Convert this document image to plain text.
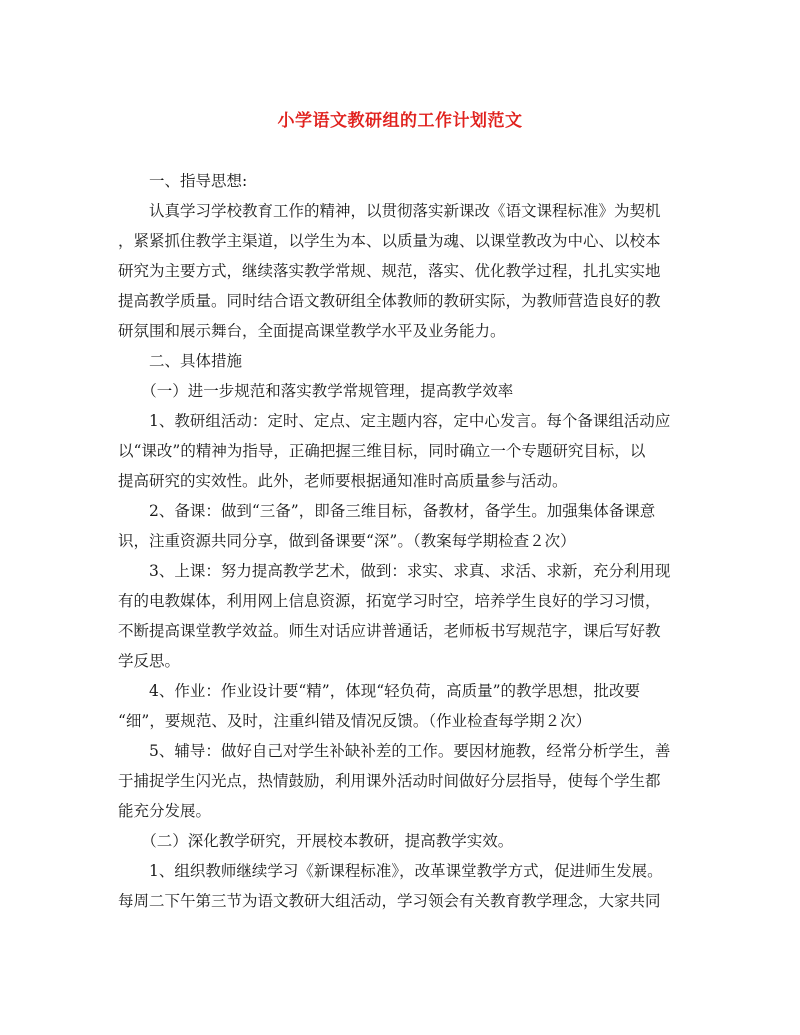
小学语文教研组的工作计划范文
　　一、指导思想:
　　认真学习学校教育工作的精神，以贯彻落实新课改《语文课程标准》为契机
，紧紧抓住教学主渠道，以学生为本、以质量为魂、以课堂教改为中心、以校本
研究为主要方式，继续落实教学常规、规范，落实、优化教学过程，扎扎实实地
提高教学质量。同时结合语文教研组全体教师的教研实际，为教师营造良好的教
研氛围和展示舞台，全面提高课堂教学水平及业务能力。
　　二、具体措施
　　（一）进一步规范和落实教学常规管理，提高教学效率
　　1、教研组活动：定时、定点、定主题内容，定中心发言。每个备课组活动应
以“课改”的精神为指导，正确把握三维目标，同时确立一个专题研究目标，以
提高研究的实效性。此外，老师要根据通知准时高质量参与活动。
　　2、备课：做到“三备”，即备三维目标，备教材，备学生。加强集体备课意
识，注重资源共同分享，做到备课要“深”。（教案每学期检查２次）
　　3、上课：努力提高教学艺术，做到：求实、求真、求活、求新，充分利用现
有的电教媒体，利用网上信息资源，拓宽学习时空，培养学生良好的学习习惯，
不断提高课堂教学效益。师生对话应讲普通话，老师板书写规范字，课后写好教
学反思。
　　4、作业：作业设计要“精”，体现“轻负荷，高质量”的教学思想，批改要
“细”，要规范、及时，注重纠错及情况反馈。（作业检查每学期２次）
　　5、辅导：做好自己对学生补缺补差的工作。要因材施教，经常分析学生，善
于捕捉学生闪光点，热情鼓励，利用课外活动时间做好分层指导，使每个学生都
能充分发展。
　　（二）深化教学研究，开展校本教研，提高教学实效。
　　1、组织教师继续学习《新课程标准》，改革课堂教学方式，促进师生发展。
每周二下午第三节为语文教研大组活动，学习领会有关教育教学理念，大家共同
